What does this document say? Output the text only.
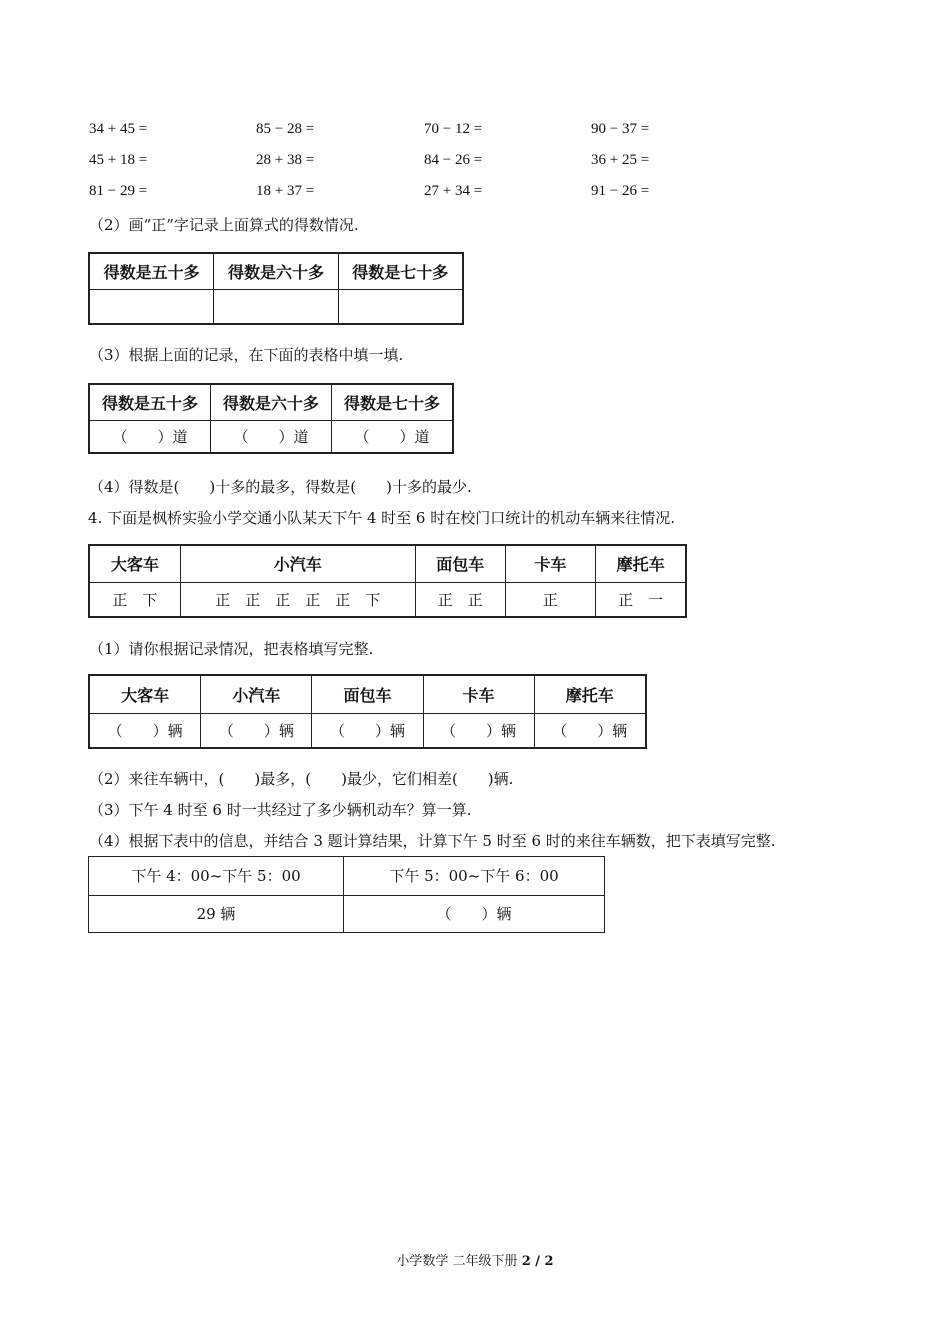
34 + 45 =	85 − 28 =	70 − 12 =	90 − 37 =
45 + 18 =	28 + 38 =	84 − 26 =	36 + 25 =
81 − 29 =	18 + 37 =	27 + 34 =	91 − 26 =
（2）画“正”字记录上面算式的得数情况.
得数是五十多	得数是六十多	得数是七十多

（3）根据上面的记录，在下面的表格中填一填.
得数是五十多	得数是六十多	得数是七十多
（　　）道	（　　）道	（　　）道
（4）得数是(　　)十多的最多，得数是(　　)十多的最少.
4. 下面是枫桥实验小学交通小队某天下午 4 时至 6 时在校门口统计的机动车辆来往情况.
大客车	小汽车	面包车	卡车	摩托车
正　下	正　正　正　正　正　下	正　正	正	正　一
（1）请你根据记录情况，把表格填写完整.
大客车	小汽车	面包车	卡车	摩托车
（　　）辆	（　　）辆	（　　）辆	（　　）辆	（　　）辆
（2）来往车辆中，(　　)最多，(　　)最少，它们相差(　　)辆.
（3）下午 4 时至 6 时一共经过了多少辆机动车？算一算.
（4）根据下表中的信息，并结合 3 题计算结果，计算下午 5 时至 6 时的来往车辆数，把下表填写完整.
下午 4：00~下午 5：00	下午 5：00~下午 6：00
29 辆	（　　）辆
小学数学 二年级下册 2 / 2
